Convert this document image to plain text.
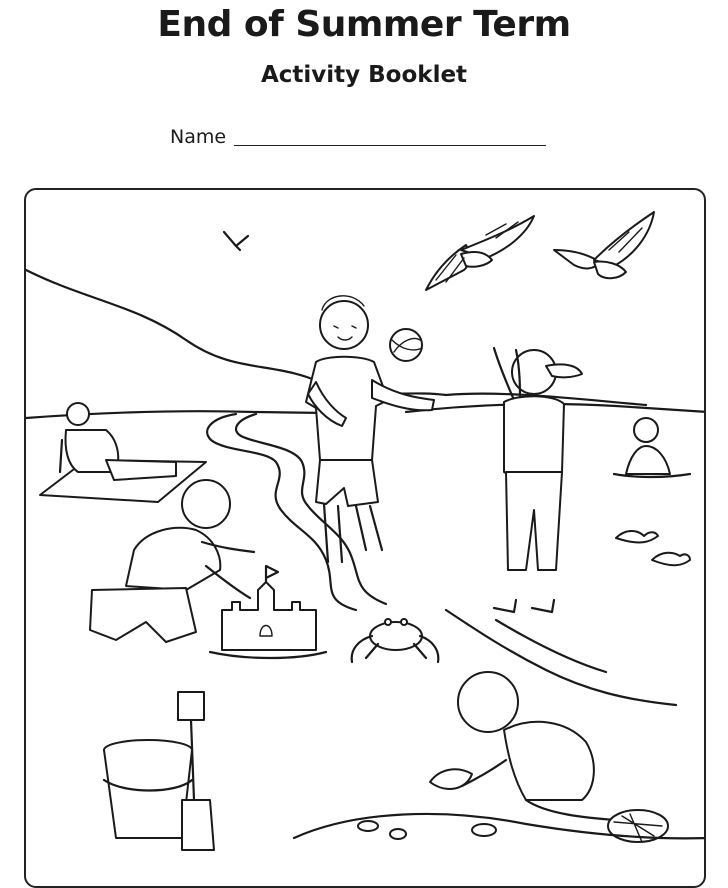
End of Summer Term
Activity Booklet
Name
